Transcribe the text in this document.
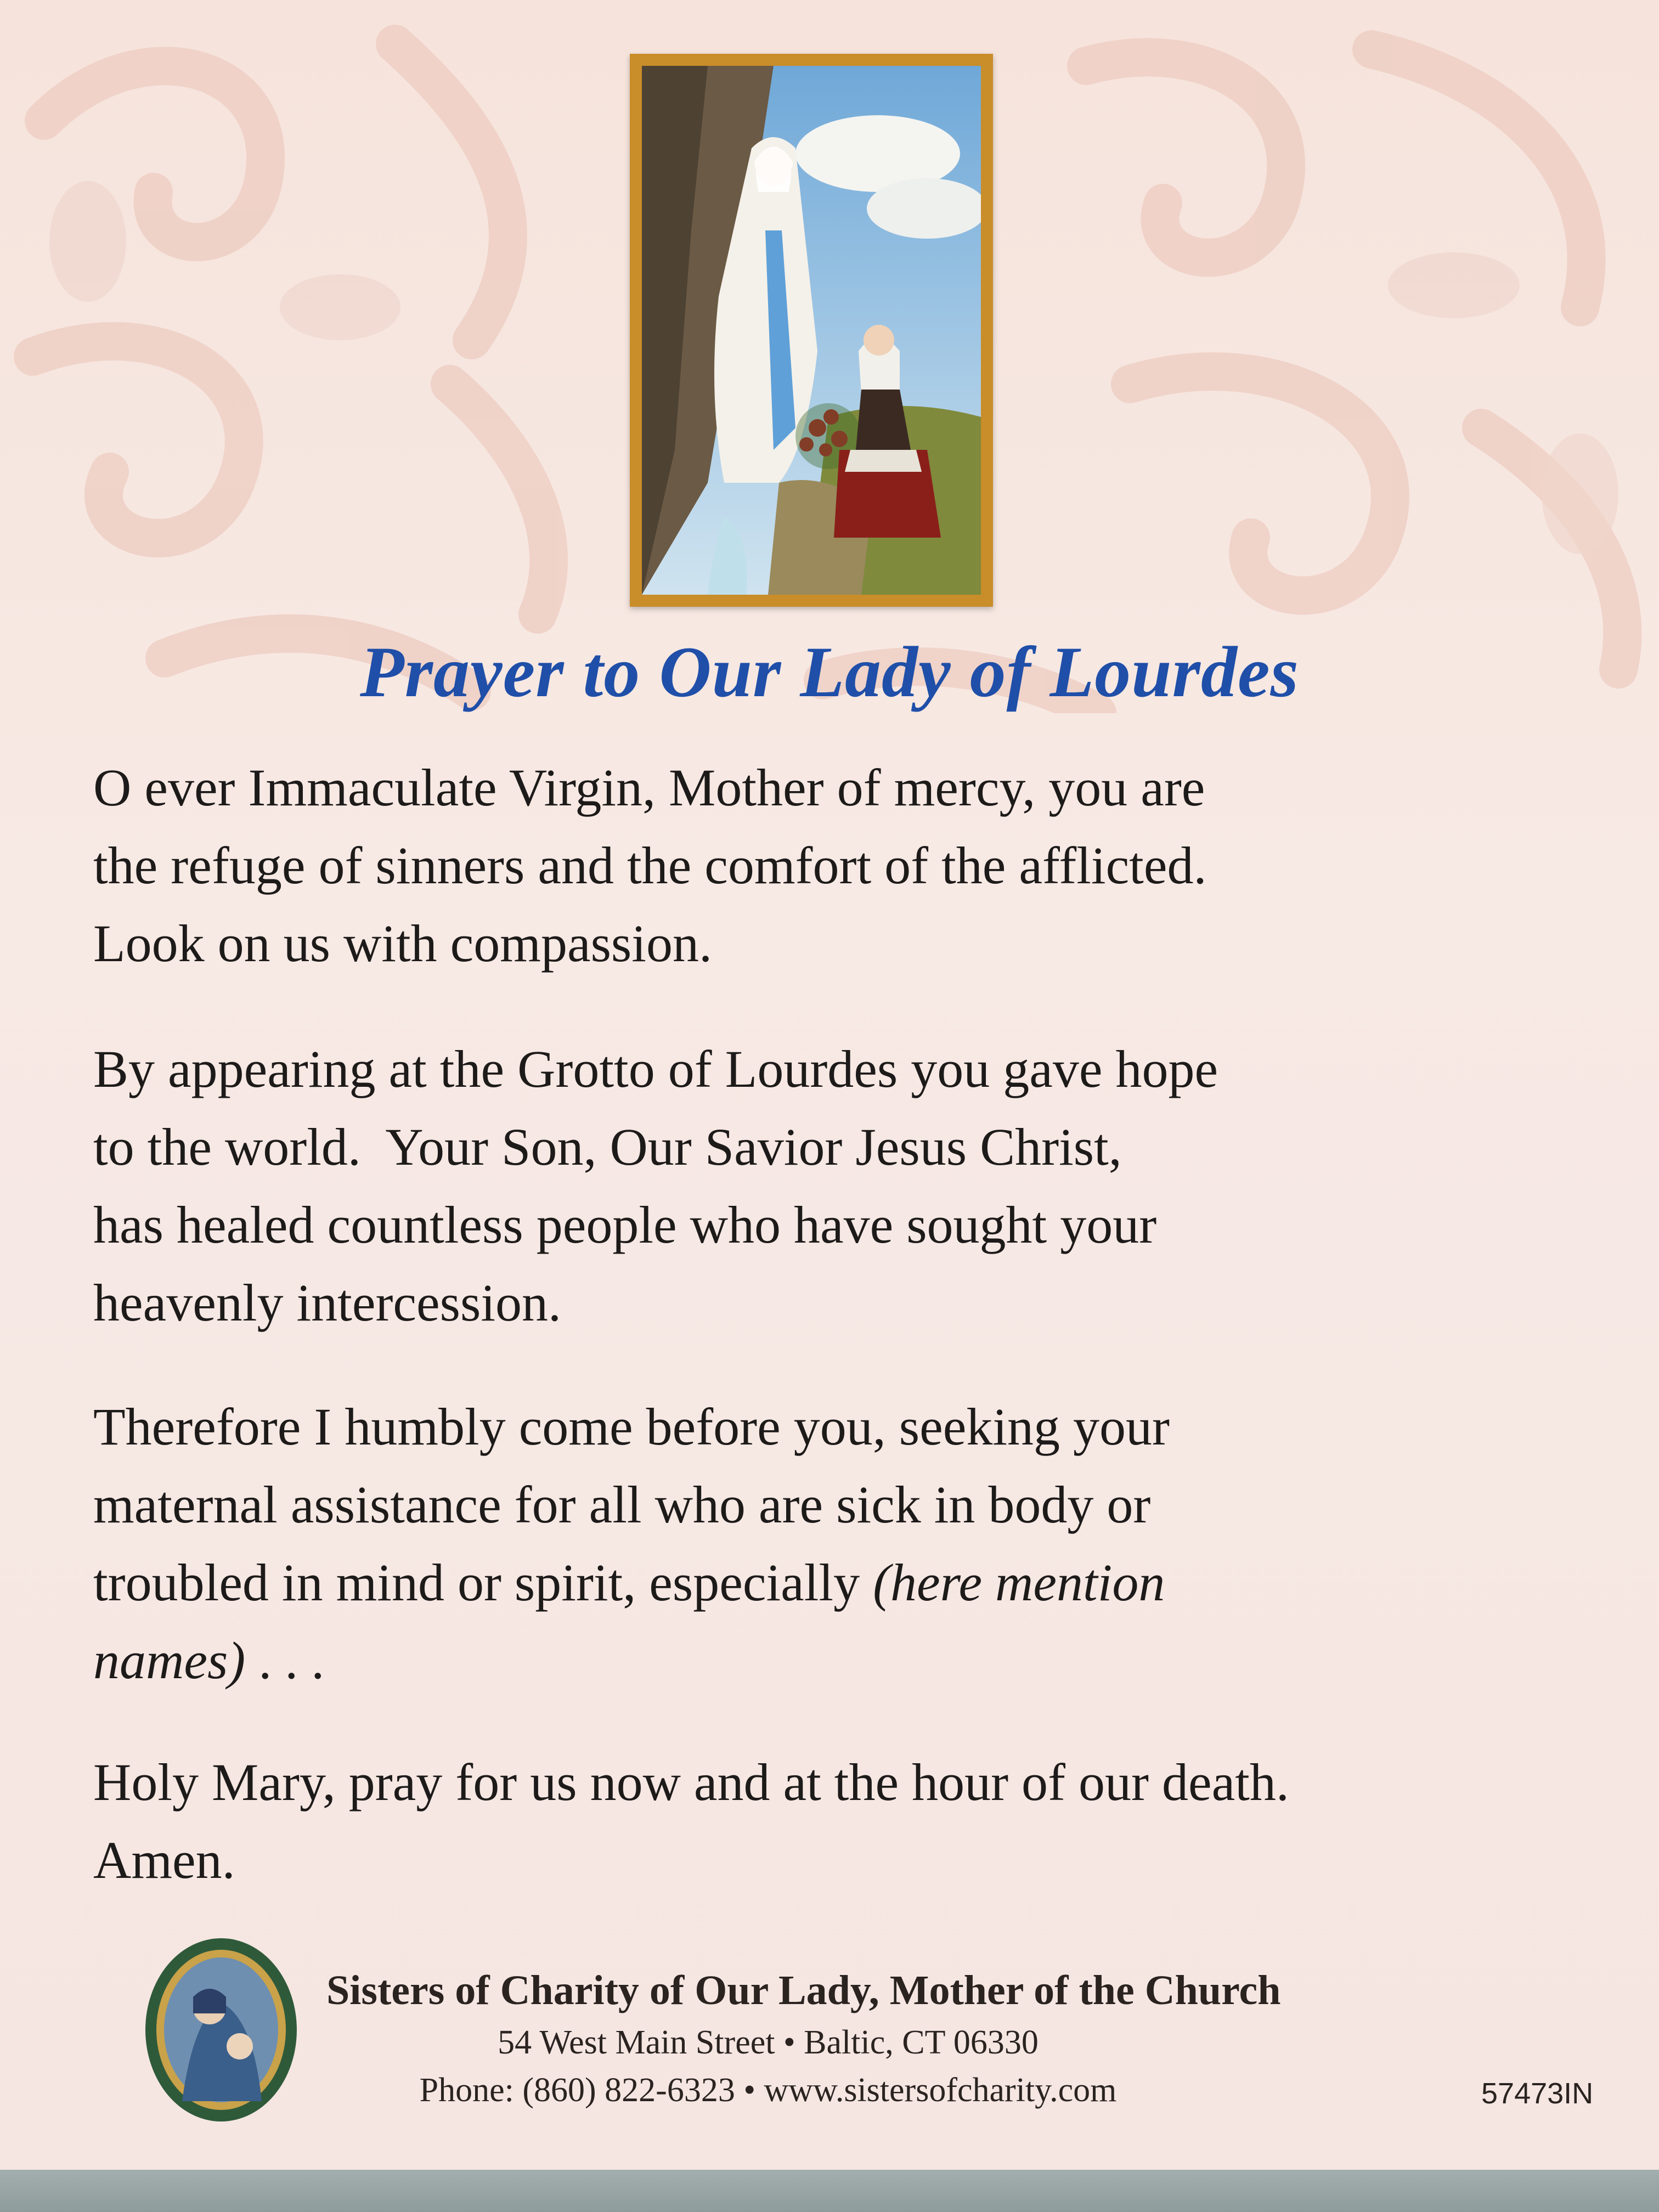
Prayer to Our Lady of Lourdes

O ever Immaculate Virgin, Mother of mercy, you are
the refuge of sinners and the comfort of the afflicted.
Look on us with compassion.

By appearing at the Grotto of Lourdes you gave hope
to the world.  Your Son, Our Savior Jesus Christ,
has healed countless people who have sought your
heavenly intercession.

Therefore I humbly come before you, seeking your
maternal assistance for all who are sick in body or
troubled in mind or spirit, especially (here mention
names) . . .

Holy Mary, pray for us now and at the hour of our death.
Amen.

Sisters of Charity of Our Lady, Mother of the Church
54 West Main Street • Baltic, CT 06330
Phone: (860) 822-6323 • www.sistersofcharity.com	57473IN
